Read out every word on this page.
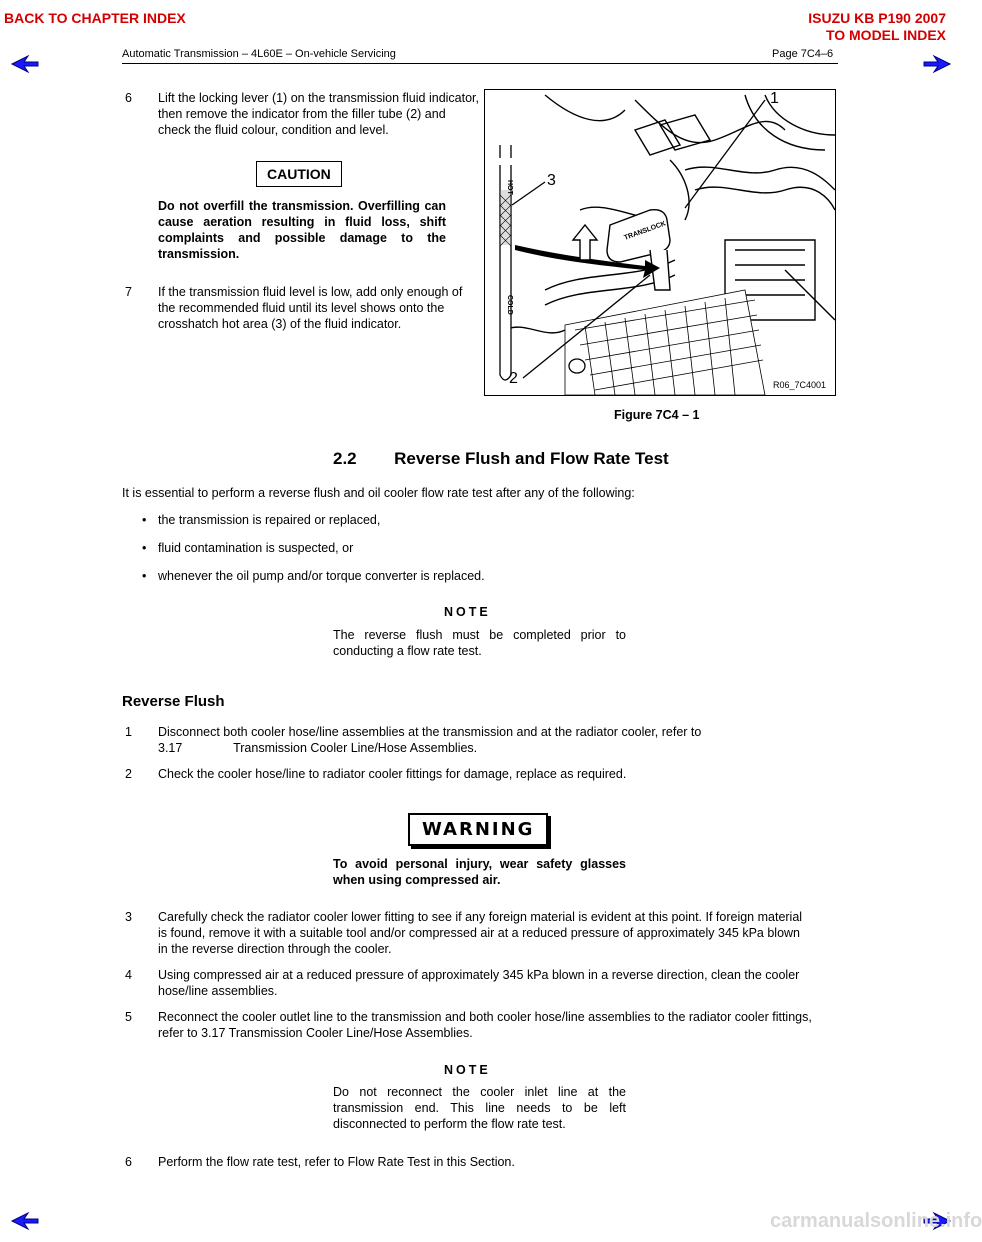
BACK TO CHAPTER INDEX	ISUZU KB P190 2007
TO MODEL INDEX
Automatic Transmission – 4L60E – On-vehicle Servicing	Page 7C4–6
6 Lift the locking lever (1) on the transmission fluid indicator, then remove the indicator from the filler tube (2) and check the fluid colour, condition and level.
CAUTION
Do not overfill the transmission. Overfilling can cause aeration resulting in fluid loss, shift complaints and possible damage to the transmission.
7 If the transmission fluid level is low, add only enough of the recommended fluid until its level shows onto the crosshatch hot area (3) of the fluid indicator.
HOT
COLD
TRANSLOCK
1
3
2	R06_7C4001
Figure 7C4 – 1
2.2 Reverse Flush and Flow Rate Test
It is essential to perform a reverse flush and oil cooler flow rate test after any of the following:
• the transmission is repaired or replaced,
• fluid contamination is suspected, or
• whenever the oil pump and/or torque converter is replaced.
NOTE
The reverse flush must be completed prior to conducting a flow rate test.
Reverse Flush
1 Disconnect both cooler hose/line assemblies at the transmission and at the radiator cooler, refer to
3.17	Transmission Cooler Line/Hose Assemblies.
2 Check the cooler hose/line to radiator cooler fittings for damage, replace as required.
WARNING
To avoid personal injury, wear safety glasses when using compressed air.
3 Carefully check the radiator cooler lower fitting to see if any foreign material is evident at this point. If foreign material is found, remove it with a suitable tool and/or compressed air at a reduced pressure of approximately 345 kPa blown in the reverse direction through the cooler.
4 Using compressed air at a reduced pressure of approximately 345 kPa blown in a reverse direction, clean the cooler hose/line assemblies.
5 Reconnect the cooler outlet line to the transmission and both cooler hose/line assemblies to the radiator cooler fittings, refer to 3.17 Transmission Cooler Line/Hose Assemblies.
NOTE
Do not reconnect the cooler inlet line at the transmission end. This line needs to be left disconnected to perform the flow rate test.
6 Perform the flow rate test, refer to Flow Rate Test in this Section.
carmanualsonline.info
